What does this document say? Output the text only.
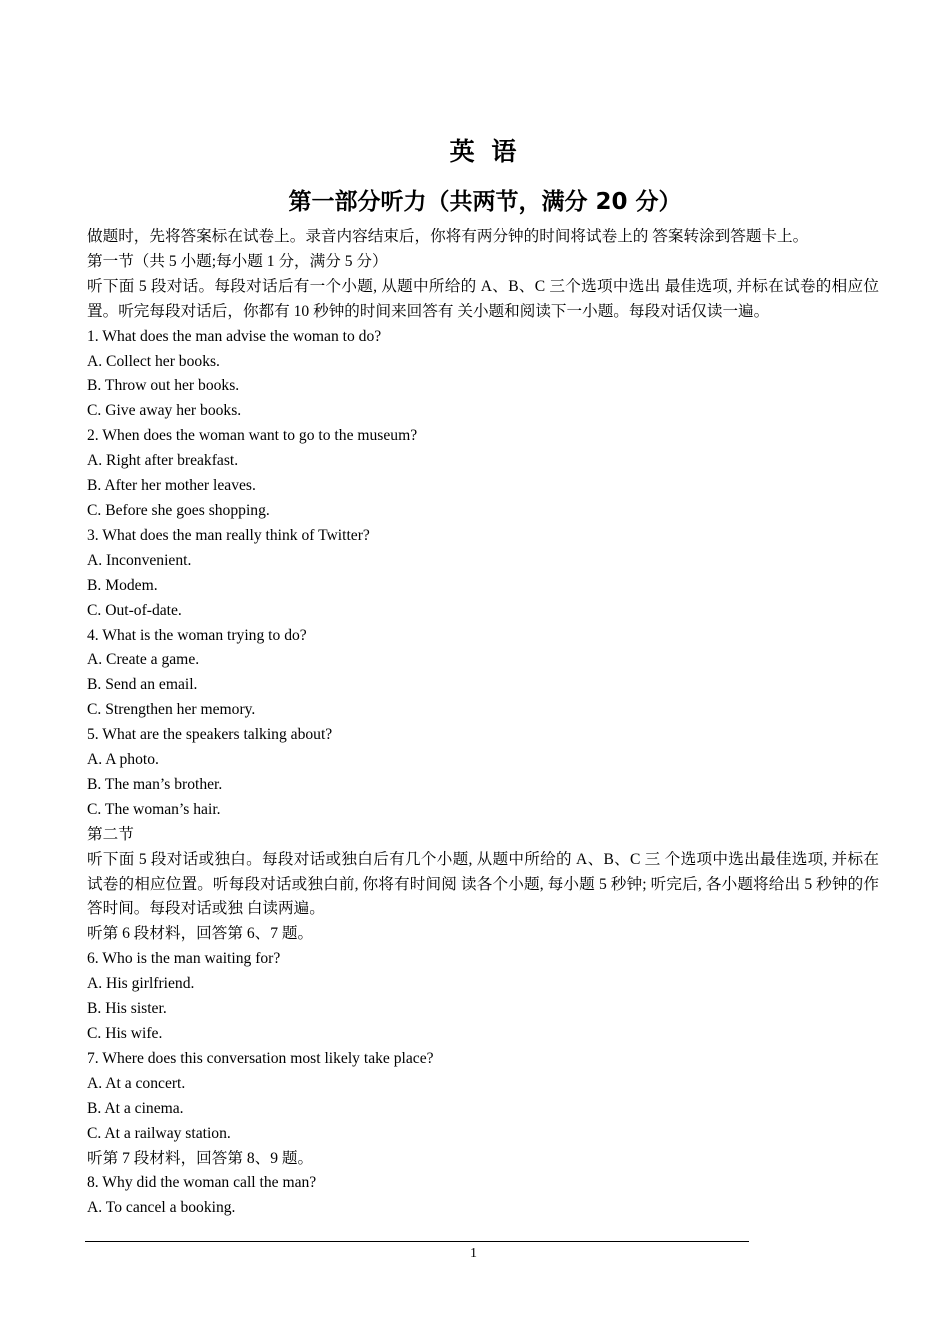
英 语
第一部分听力（共两节，满分 20 分）
做题时，先将答案标在试卷上。录音内容结束后，你将有两分钟的时间将试卷上的 答案转涂到答题卡上。
第一节（共 5 小题;每小题 1 分，满分 5 分）
听下面 5 段对话。每段对话后有一个小题, 从题中所给的 A、B、C 三个选项中选出 最佳选项, 并标在试卷的相应位置。听完每段对话后，你都有 10 秒钟的时间来回答有 关小题和阅读下一小题。每段对话仅读一遍。
1. What does the man advise the woman to do?
A. Collect her books.
B. Throw out her books.
C. Give away her books.
2. When does the woman want to go to the museum?
A. Right after breakfast.
B. After her mother leaves.
C. Before she goes shopping.
3. What does the man really think of Twitter?
A. Inconvenient.
B. Modem.
C. Out-of-date.
4. What is the woman trying to do?
A. Create a game.
B. Send an email.
C. Strengthen her memory.
5. What are the speakers talking about?
A. A photo.
B. The man’s brother.
C. The woman’s hair.
第二节
听下面 5 段对话或独白。每段对话或独白后有几个小题, 从题中所给的 A、B、C 三 个选项中选出最佳选项, 并标在试卷的相应位置。听每段对话或独白前, 你将有时间阅 读各个小题, 每小题 5 秒钟; 听完后, 各小题将给出 5 秒钟的作答时间。每段对话或独 白读两遍。
听第 6 段材料，回答第 6、7 题。
6. Who is the man waiting for?
A. His girlfriend.
B. His sister.
C. His wife.
7. Where does this conversation most likely take place?
A. At a concert.
B. At a cinema.
C. At a railway station.
听第 7 段材料，回答第 8、9 题。
8. Why did the woman call the man?
A. To cancel a booking.
1
